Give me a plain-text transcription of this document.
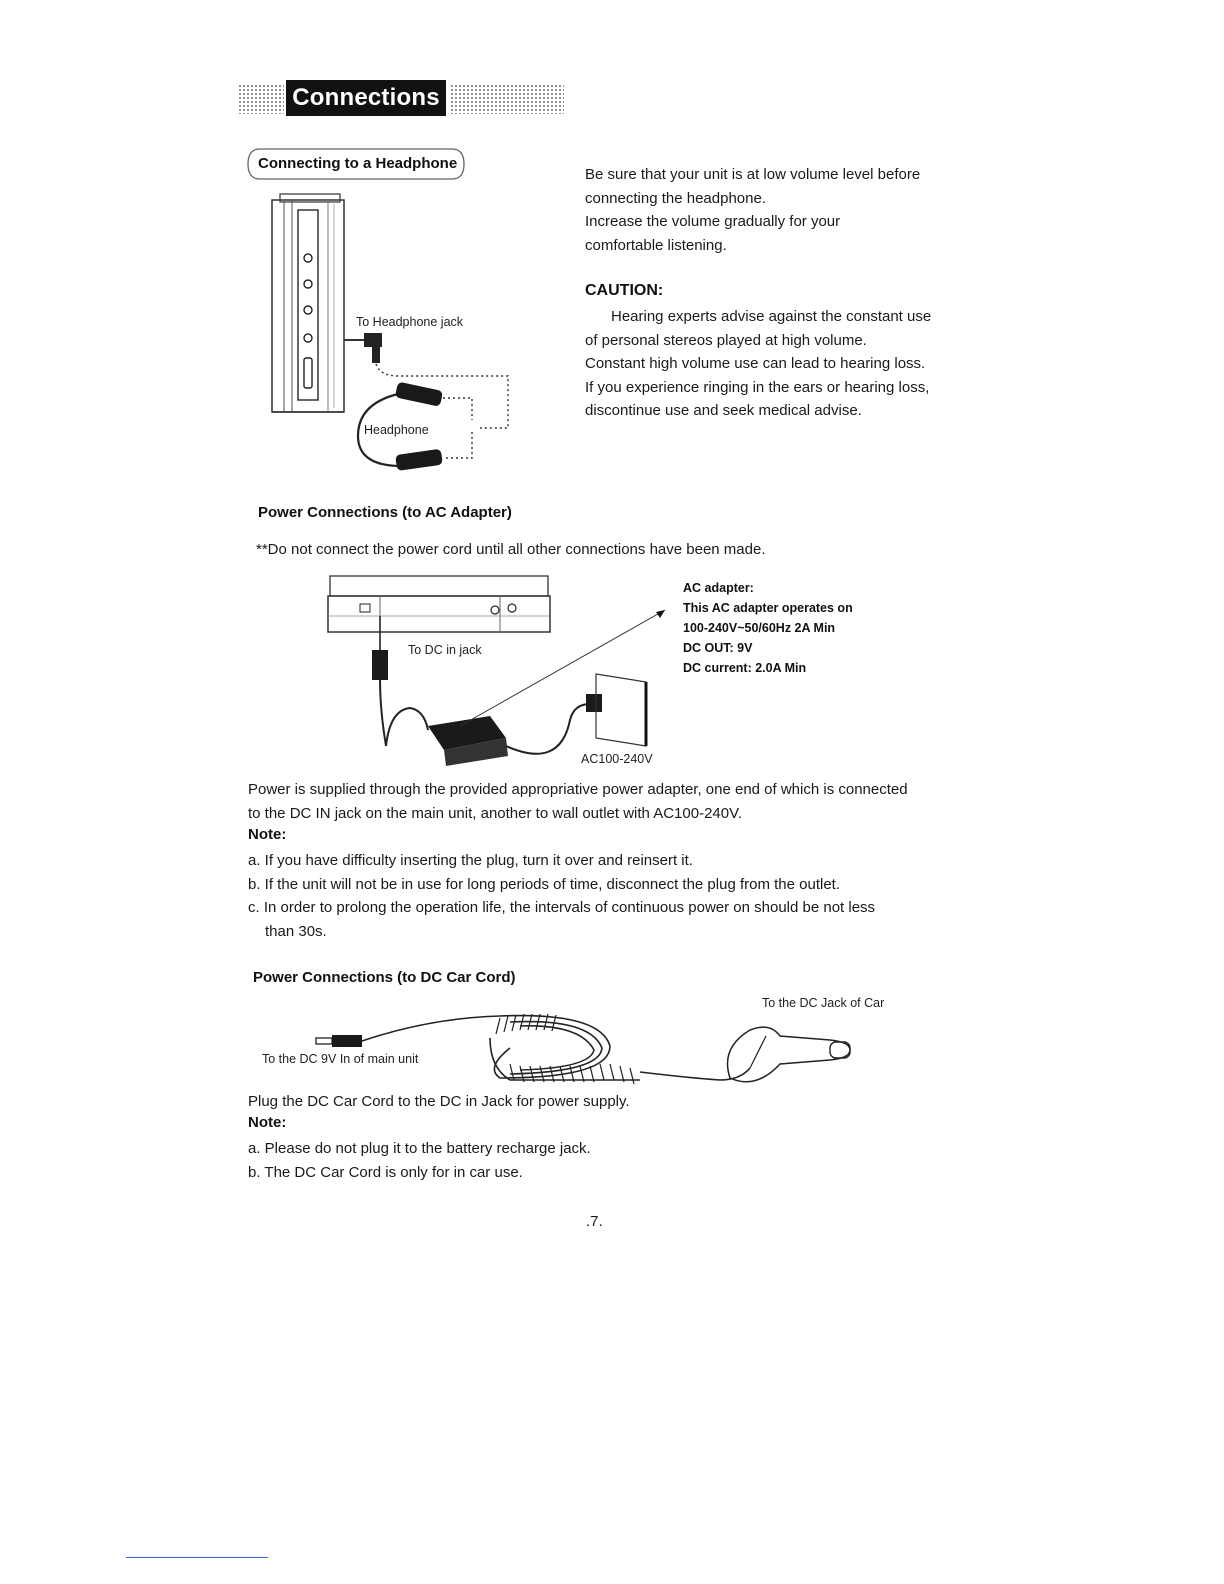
Connections
Connecting to a Headphone
To Headphone jack
Headphone
Be sure that your unit is at low volume level before
connecting the headphone.
Increase the volume gradually for your
comfortable listening.
CAUTION:
Hearing experts advise against the constant use
of personal stereos played at high volume.
Constant high volume use can lead to hearing loss.
If you experience ringing in the ears or hearing loss,
discontinue use and seek medical advise.
Power Connections (to AC Adapter)
**Do not connect the power cord until all other connections have been made.
To DC in jack
AC100-240V
AC adapter:
This AC adapter operates on
100-240V~50/60Hz 2A Min
DC OUT: 9V
DC current: 2.0A Min
Power is supplied through the provided appropriative power adapter, one end of which is connected
to the DC IN jack on the main unit, another to wall outlet with AC100-240V.
Note:
a. If you have difficulty inserting the plug, turn it over and reinsert it.
b. If the unit will not be in use for long periods of time, disconnect the plug from the outlet.
c. In order to prolong the operation life, the intervals of continuous power on should be not less
than 30s.
Power Connections (to DC Car Cord)
To the DC Jack of Car
To the DC 9V In of main unit
Plug the DC Car Cord to the DC in Jack for power supply.
Note:
a. Please do not plug it to the battery recharge jack.
b. The DC Car Cord is only for in car use.
.7.
